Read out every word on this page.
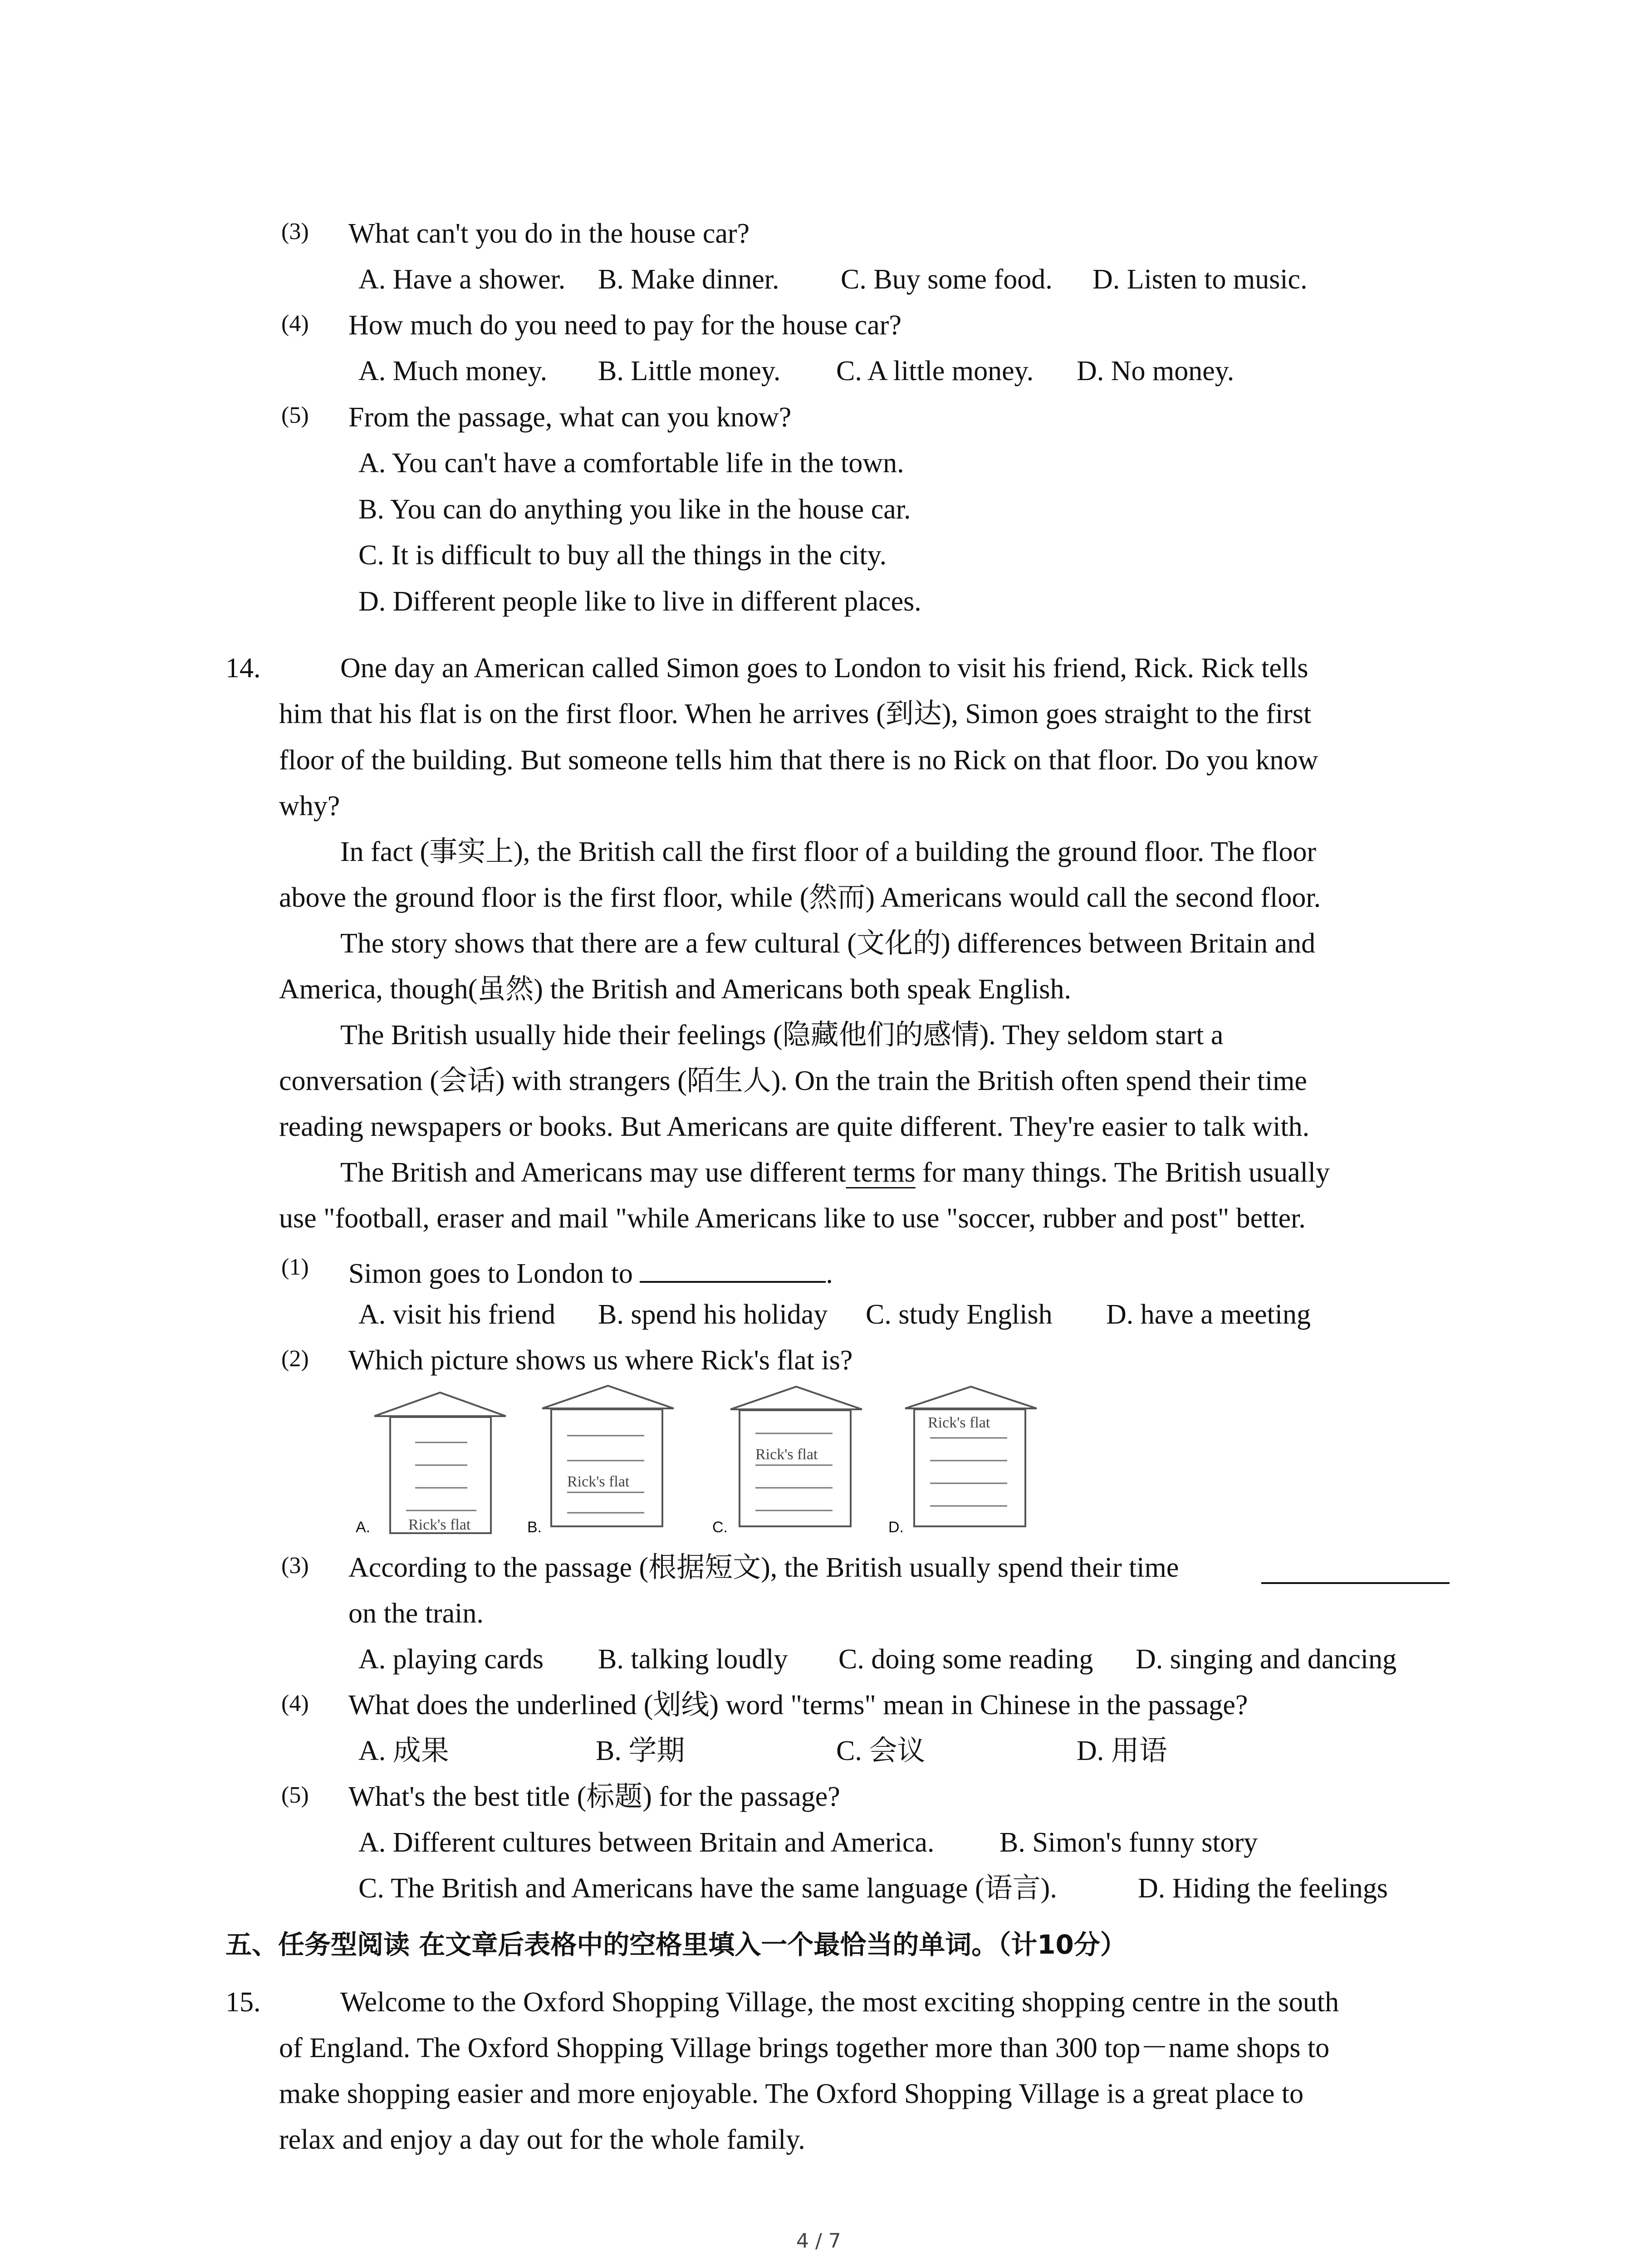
(3) What can't you do in the house car?
A. Have a shower. B. Make dinner. C. Buy some food. D. Listen to music.
(4) How much do you need to pay for the house car?
A. Much money. B. Little money. C. A little money. D. No money.
(5) From the passage, what can you know?
A. You can't have a comfortable life in the town.
B. You can do anything you like in the house car.
C. It is difficult to buy all the things in the city.
D. Different people like to live in different places.
14.	One day an American called Simon goes to London to visit his friend, Rick. Rick tells
him that his flat is on the first floor. When he arrives (到达), Simon goes straight to the first
floor of the building. But someone tells him that there is no Rick on that floor. Do you know
why?
In fact (事实上), the British call the first floor of a building the ground floor. The floor
above the ground floor is the first floor, while (然而) Americans would call the second floor.
The story shows that there are a few cultural (文化的) differences between Britain and
America, though(虽然) the British and Americans both speak English.
The British usually hide their feelings (隐藏他们的感情). They seldom start a
conversation (会话) with strangers (陌生人). On the train the British often spend their time
reading newspapers or books. But Americans are quite different. They're easier to talk with.
The British and Americans may use different terms for many things. The British usually
use "football, eraser and mail "while Americans like to use "soccer, rubber and post" better.
(1) Simon goes to London to	.
A. visit his friend B. spend his holiday C. study English D. have a meeting
(2) Which picture shows us where Rick's flat is?
A. Rick's flat	B.
Rick's flat
C.
Rick's flat
D.
Rick's flat
(3) According to the passage (根据短文), the British usually spend their time
on the train.
A. playing cards B. talking loudly C. doing some reading D. singing and dancing
(4) What does the underlined (划线) word "terms" mean in Chinese in the passage?
A. 成果	B. 学期	C. 会议	D. 用语
(5) What's the best title (标题) for the passage?
A. Different cultures between Britain and America. B. Simon's funny story
C. The British and Americans have the same language (语言).	D. Hiding the feelings
五、任务型阅读 在文章后表格中的空格里填入一个最恰当的单词。（计10分）
15.	Welcome to the Oxford Shopping Village, the most exciting shopping centre in the south
of England. The Oxford Shopping Village brings together more than 300 top－name shops to
make shopping easier and more enjoyable. The Oxford Shopping Village is a great place to
relax and enjoy a day out for the whole family.
4 / 7
